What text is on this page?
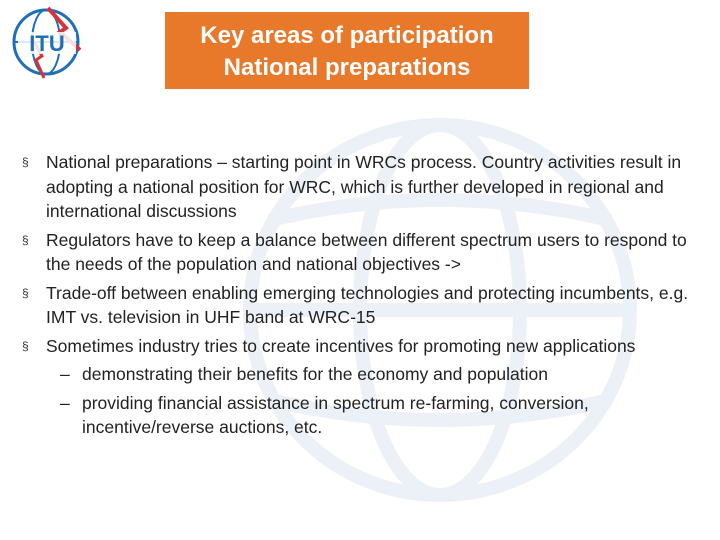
ITU	Key areas of participation
National preparations
§ National preparations – starting point in WRCs process. Country activities result in adopting a national position for WRC, which is further developed in regional and international discussions
§ Regulators have to keep a balance between different spectrum users to respond to the needs of the population and national objectives ->
§ Trade-off between enabling emerging technologies and protecting incumbents, e.g. IMT vs. television in UHF band at WRC-15
§ Sometimes industry tries to create incentives for promoting new applications
– demonstrating their benefits for the economy and population
– providing financial assistance in spectrum re-farming, conversion, incentive/reverse auctions, etc.
